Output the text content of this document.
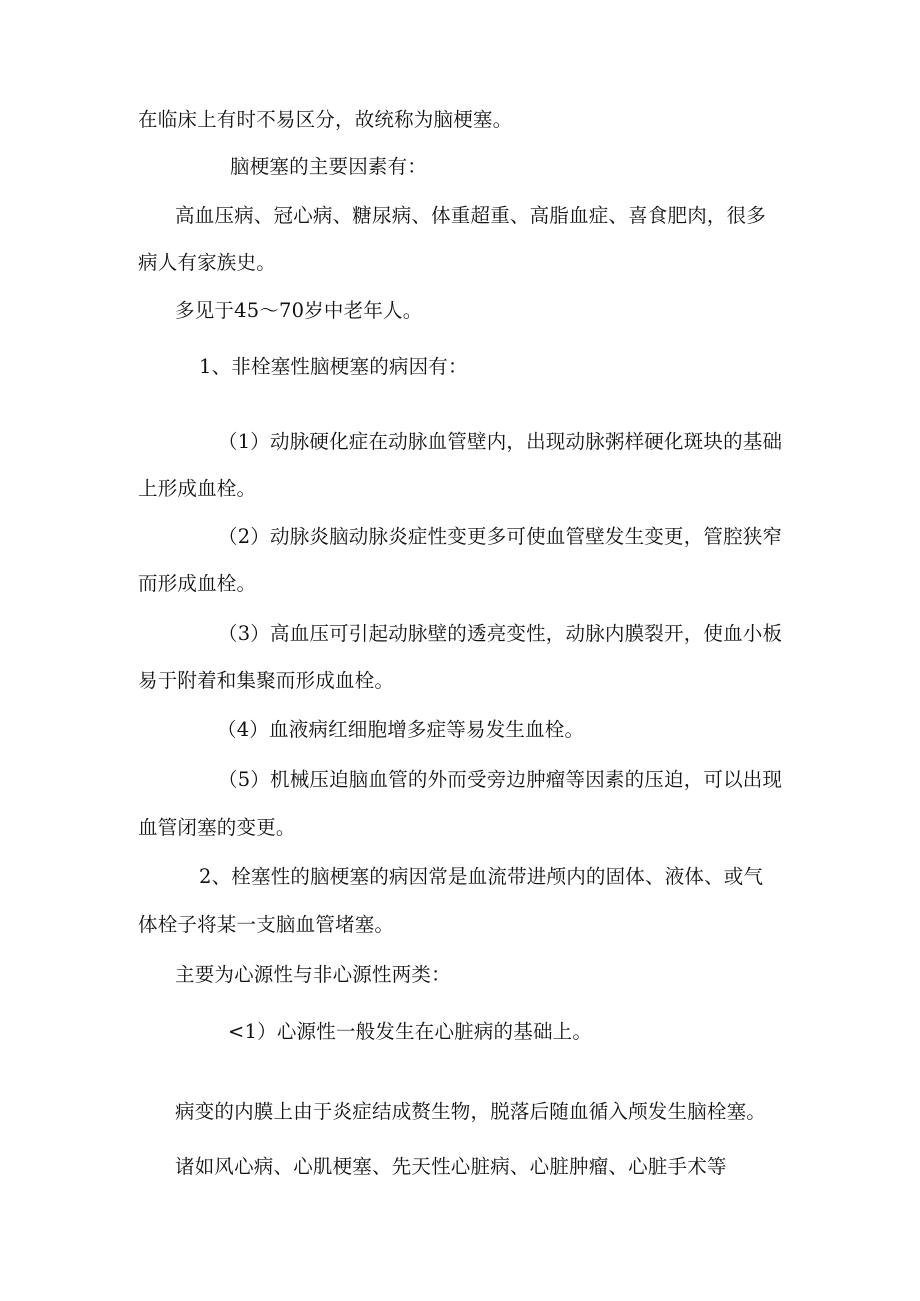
在临床上有时不易区分，故统称为脑梗塞。
脑梗塞的主要因素有：
高血压病、冠心病、糖尿病、体重超重、高脂血症、喜食肥肉，很多
病人有家族史。
多见于45～70岁中老年人。
1、非栓塞性脑梗塞的病因有：
（1）动脉硬化症在动脉血管壁内，出现动脉粥样硬化斑块的基础
上形成血栓。
（2）动脉炎脑动脉炎症性变更多可使血管壁发生变更，管腔狭窄
而形成血栓。
（3）高血压可引起动脉壁的透亮变性，动脉内膜裂开，使血小板
易于附着和集聚而形成血栓。
（4）血液病红细胞增多症等易发生血栓。
（5）机械压迫脑血管的外而受旁边肿瘤等因素的压迫，可以出现
血管闭塞的变更。
2、栓塞性的脑梗塞的病因常是血流带进颅内的固体、液体、或气
体栓子将某一支脑血管堵塞。
主要为心源性与非心源性两类：
<1）心源性一般发生在心脏病的基础上。
病变的内膜上由于炎症结成赘生物，脱落后随血循入颅发生脑栓塞。
诸如风心病、心肌梗塞、先天性心脏病、心脏肿瘤、心脏手术等
